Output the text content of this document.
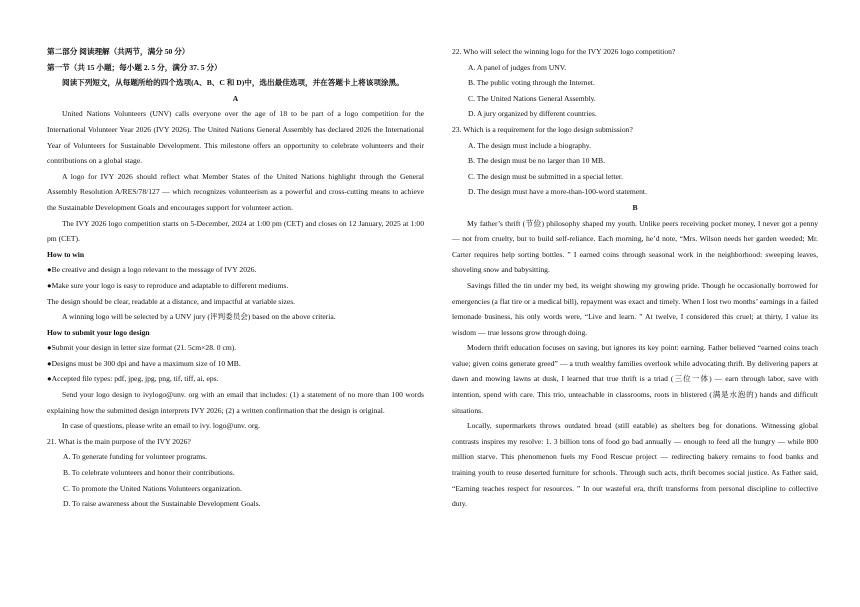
第二部分 阅读理解（共两节，满分 50 分）

第一节（共 15 小题；每小题 2. 5 分，满分 37. 5 分）

阅读下列短文，从每题所给的四个选项(A、B、C 和 D)中，选出最佳选项，并在答题卡上将该项涂黑。

A

United Nations Volunteers (UNV) calls everyone over the age of 18 to be part of a logo competition for the International Volunteer Year 2026 (IVY 2026). The United Nations General Assembly has declared 2026 the International Year of Volunteers for Sustainable Development. This milestone offers an opportunity to celebrate volunteers and their contributions on a global stage.

A logo for IVY 2026 should reflect what Member States of the United Nations highlight through the General Assembly Resolution A/RES/78/127 — which recognizes volunteerism as a powerful and cross-cutting means to achieve the Sustainable Development Goals and encourages support for volunteer action.

The IVY 2026 logo competition starts on 5-December, 2024 at 1:00 pm (CET) and closes on 12 January, 2025 at 1:00 pm (CET).

How to win

●Be creative and design a logo relevant to the message of IVY 2026.

●Make sure your logo is easy to reproduce and adaptable to different mediums.

The design should be clear, readable at a distance, and impactful at variable sizes.

A winning logo will be selected by a UNV jury (评判委员会) based on the above criteria.

How to submit your logo design

●Submit your design in letter size format (21. 5cm×28. 0 cm).

●Designs must be 300 dpi and have a maximum size of 10 MB.

●Accepted file types: pdf, jpeg, jpg, png, tif, tiff, ai, eps.

Send your logo design to ivylogo@unv. org with an email that includes: (1) a statement of no more than 100 words explaining how the submitted design interprets IVY 2026; (2) a written confirmation that the design is original.

In case of questions, please write an email to ivy. logo@unv. org.

21. What is the main purpose of the IVY 2026?

A. To generate funding for volunteer programs.

B. To celebrate volunteers and honor their contributions.

C. To promote the United Nations Volunteers organization.

D. To raise awareness about the Sustainable Development Goals.

22. Who will select the winning logo for the IVY 2026 logo competition?

A. A panel of judges from UNV.

B. The public voting through the Internet.

C. The United Nations General Assembly.

D. A jury organized by different countries.

23. Which is a requirement for the logo design submission?

A. The design must include a biography.

B. The design must be no larger than 10 MB.

C. The design must be submitted in a special letter.

D. The design must have a more-than-100-word statement.

B

My father’s thrift (节俭) philosophy shaped my youth. Unlike peers receiving pocket money, I never got a penny — not from cruelty, but to build self-reliance. Each morning, he’d note, “Mrs. Wilson needs her garden weeded; Mr. Carter requires help sorting bottles. ” I earned coins through seasonal work in the neighborhood: sweeping leaves, shoveling snow and babysitting.

Savings filled the tin under my bed, its weight showing my growing pride. Though he occasionally borrowed for emergencies (a flat tire or a medical bill), repayment was exact and timely. When I lost two months’ earnings in a failed lemonade business, his only words were, “Live and learn. ” At twelve, I considered this cruel; at thirty, I value its wisdom — true lessons grow through doing.

Modern thrift education focuses on saving, but ignores its key point: earning. Father believed “earned coins teach value; given coins generate greed” — a truth wealthy families overlook while advocating thrift. By delivering papers at dawn and mowing lawns at dusk, I learned that true thrift is a triad (三位一体) — earn through labor, save with intention, spend with care. This trio, unteachable in classrooms, roots in blistered (满是水泡的) hands and difficult situations.

Locally, supermarkets throws outdated bread (still eatable) as shelters beg for donations. Witnessing global contrasts inspires my resolve: 1. 3 billion tons of food go bad annually — enough to feed all the hungry — while 800 million starve. This phenomenon fuels my Food Rescue project — redirecting bakery remains to food banks and training youth to reuse deserted furniture for schools. Through such acts, thrift becomes social justice. As Father said, “Earning teaches respect for resources. ” In our wasteful era, thrift transforms from personal discipline to collective duty.
